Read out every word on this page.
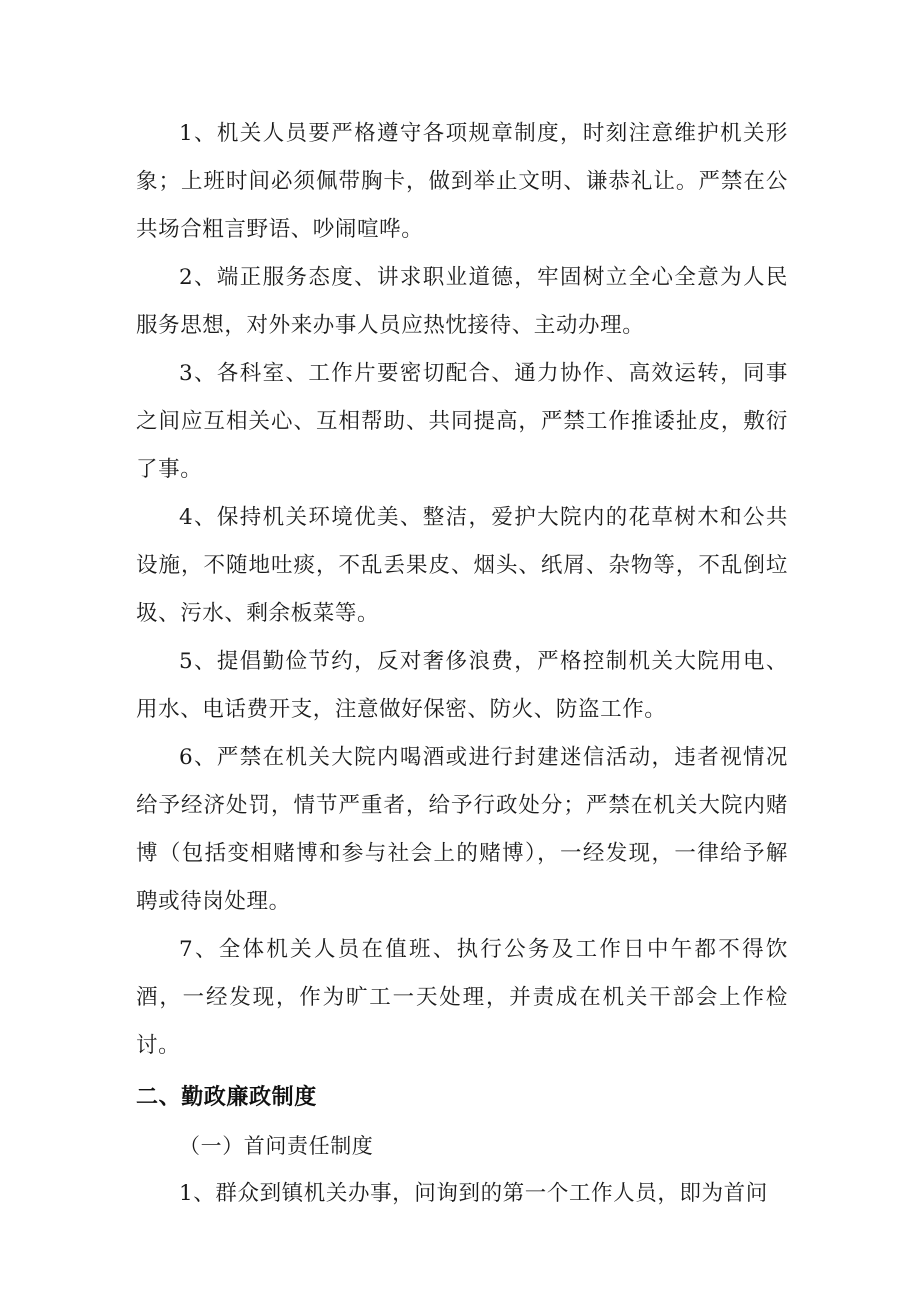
1、机关人员要严格遵守各项规章制度，时刻注意维护机关形象；上班时间必须佩带胸卡，做到举止文明、谦恭礼让。严禁在公共场合粗言野语、吵闹喧哗。

2、端正服务态度、讲求职业道德，牢固树立全心全意为人民服务思想，对外来办事人员应热忱接待、主动办理。

3、各科室、工作片要密切配合、通力协作、高效运转，同事之间应互相关心、互相帮助、共同提高，严禁工作推诿扯皮，敷衍了事。

4、保持机关环境优美、整洁，爱护大院内的花草树木和公共设施，不随地吐痰，不乱丢果皮、烟头、纸屑、杂物等，不乱倒垃圾、污水、剩余板菜等。

5、提倡勤俭节约，反对奢侈浪费，严格控制机关大院用电、用水、电话费开支，注意做好保密、防火、防盗工作。

6、严禁在机关大院内喝酒或进行封建迷信活动，违者视情况给予经济处罚，情节严重者，给予行政处分；严禁在机关大院内赌博（包括变相赌博和参与社会上的赌博），一经发现，一律给予解聘或待岗处理。

7、全体机关人员在值班、执行公务及工作日中午都不得饮酒，一经发现，作为旷工一天处理，并责成在机关干部会上作检讨。

二、勤政廉政制度

（一）首问责任制度

1、群众到镇机关办事，问询到的第一个工作人员，即为首问
